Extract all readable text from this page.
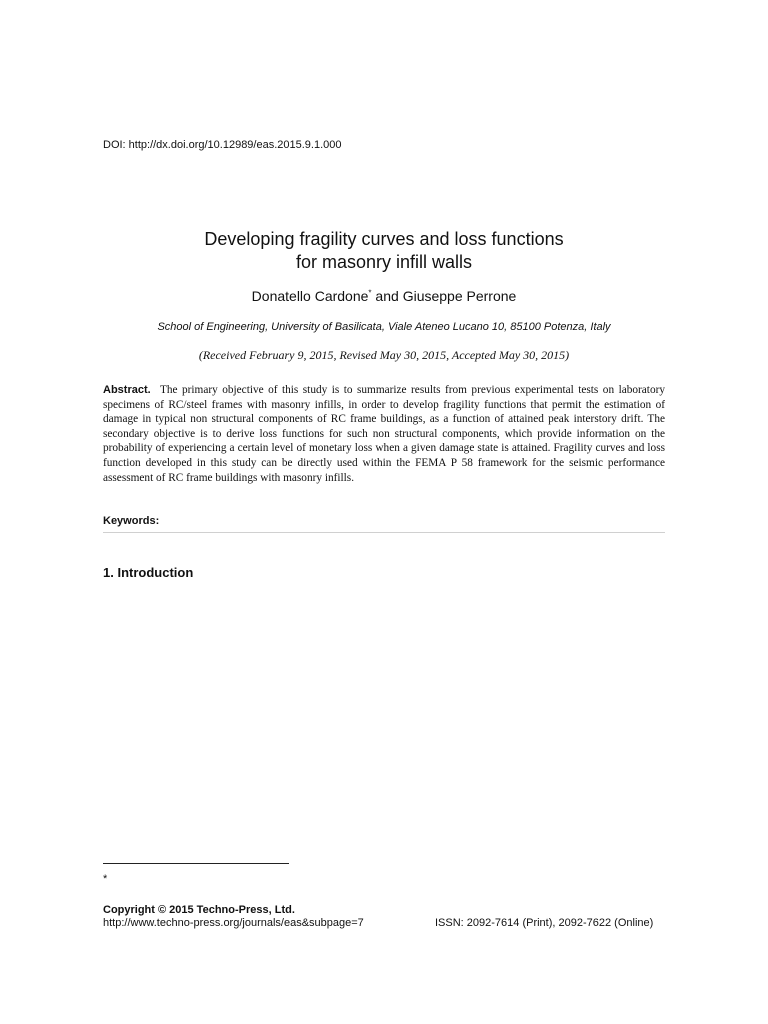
DOI: http://dx.doi.org/10.12989/eas.2015.9.1.000
Developing fragility curves and loss functions
for masonry infill walls
Donatello Cardone* and Giuseppe Perrone
School of Engineering, University of Basilicata, Viale Ateneo Lucano 10, 85100 Potenza, Italy
(Received February 9, 2015, Revised May 30, 2015, Accepted May 30, 2015)
Abstract. The primary objective of this study is to summarize results from previous experimental tests on laboratory specimens of RC/steel frames with masonry infills, in order to develop fragility functions that permit the estimation of damage in typical non structural components of RC frame buildings, as a function of attained peak interstory drift. The secondary objective is to derive loss functions for such non structural components, which provide information on the probability of experiencing a certain level of monetary loss when a given damage state is attained. Fragility curves and loss function developed in this study can be directly used within the FEMA P 58 framework for the seismic performance assessment of RC frame buildings with masonry infills.
Keywords:
1. Introduction
*
Copyright © 2015 Techno-Press, Ltd.
http://www.techno-press.org/journals/eas&subpage=7	ISSN: 2092-7614 (Print), 2092-7622 (Online)
